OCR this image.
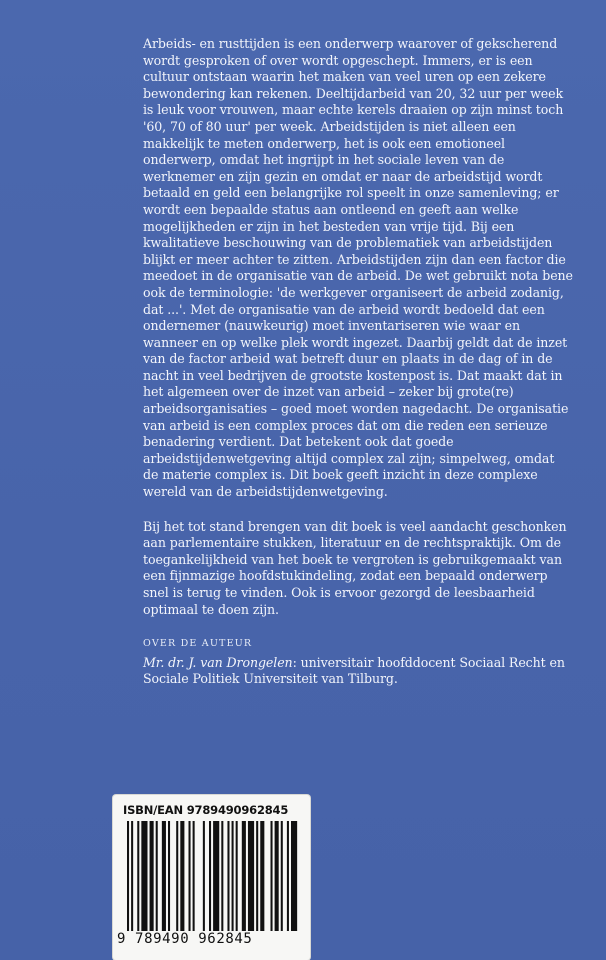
Arbeids- en rusttijden is een onderwerp waarover of gekscherend wordt gesproken of over wordt opgeschept. Immers, er is een cultuur ontstaan waarin het maken van veel uren op een zekere bewondering kan rekenen. Deeltijdarbeid van 20, 32 uur per week is leuk voor vrouwen, maar echte kerels draaien op zijn minst toch '60, 70 of 80 uur' per week. Arbeidstijden is niet alleen een makkelijk te meten onderwerp, het is ook een emotioneel onderwerp, omdat het ingrijpt in het sociale leven van de werknemer en zijn gezin en omdat er naar de arbeidstijd wordt betaald en geld een belangrijke rol speelt in onze samenleving; er wordt een bepaalde status aan ontleend en geeft aan welke mogelijkheden er zijn in het besteden van vrije tijd. Bij een kwalitatieve beschouwing van de problematiek van arbeidstijden blijkt er meer achter te zitten. Arbeidstijden zijn dan een factor die meedoet in de organisatie van de arbeid. De wet gebruikt nota bene ook de terminologie: 'de werkgever organiseert de arbeid zodanig, dat ...'. Met de organisatie van de arbeid wordt bedoeld dat een ondernemer (nauwkeurig) moet inventariseren wie waar en wanneer en op welke plek wordt ingezet. Daarbij geldt dat de inzet van de factor arbeid wat betreft duur en plaats in de dag of in de nacht in veel bedrijven de grootste kostenpost is. Dat maakt dat in het algemeen over de inzet van arbeid – zeker bij grote(re) arbeidsorganisaties – goed moet worden nagedacht. De organisatie van arbeid is een complex proces dat om die reden een serieuze benadering verdient. Dat betekent ook dat goede arbeidstijdenwetgeving altijd complex zal zijn; simpelweg, omdat de materie complex is. Dit boek geeft inzicht in deze complexe wereld van de arbeidstijdenwetgeving.

Bij het tot stand brengen van dit boek is veel aandacht geschonken aan parlementaire stukken, literatuur en de rechtspraktijk. Om de toegankelijkheid van het boek te vergroten is gebruikgemaakt van een fijnmazige hoofdstukindeling, zodat een bepaald onderwerp snel is terug te vinden. Ook is ervoor gezorgd de leesbaarheid optimaal te doen zijn.

OVER DE AUTEUR
Mr. dr. J. van Drongelen: universitair hoofddocent Sociaal Recht en Sociale Politiek Universiteit van Tilburg.
ISBN/EAN 9789490962845
9 789490 962845
